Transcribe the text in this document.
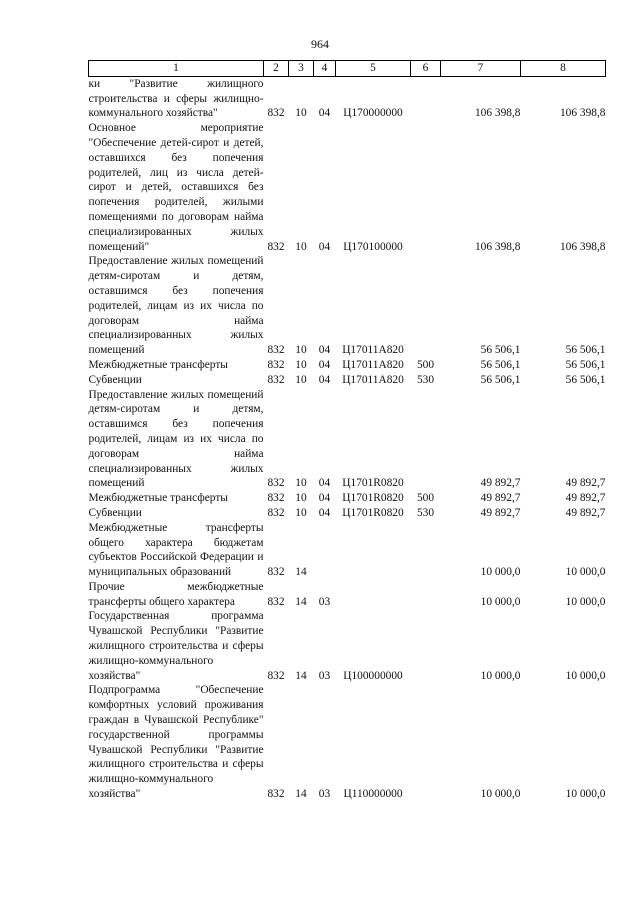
964
1	2	3	4	5	6	7	8
ки "Развитие жилищного строительства и сферы жилищно-коммунального хозяйства"	832	10	04	Ц170000000		106 398,8	106 398,8
Основное мероприятие "Обеспечение детей-сирот и детей, оставшихся без попечения родителей, лиц из числа детей-сирот и детей, оставшихся без попечения родителей, жилыми помещениями по договорам найма специализированных жилых помещений"	832	10	04	Ц170100000		106 398,8	106 398,8
Предоставление жилых помещений детям-сиротам и детям, оставшимся без попечения родителей, лицам из их числа по договорам найма специализированных жилых помещений	832	10	04	Ц17011А820		56 506,1	56 506,1
Межбюджетные трансферты	832	10	04	Ц17011А820	500	56 506,1	56 506,1
Субвенции	832	10	04	Ц17011А820	530	56 506,1	56 506,1
Предоставление жилых помещений детям-сиротам и детям, оставшимся без попечения родителей, лицам из их числа по договорам найма специализированных жилых помещений	832	10	04	Ц1701R0820		49 892,7	49 892,7
Межбюджетные трансферты	832	10	04	Ц1701R0820	500	49 892,7	49 892,7
Субвенции	832	10	04	Ц1701R0820	530	49 892,7	49 892,7
Межбюджетные трансферты общего характера бюджетам субъектов Российской Федерации и муниципальных образований	832	14				10 000,0	10 000,0
Прочие межбюджетные трансферты общего характера	832	14	03			10 000,0	10 000,0
Государственная программа Чувашской Республики "Развитие жилищного строительства и сферы жилищно-коммунального хозяйства"	832	14	03	Ц100000000		10 000,0	10 000,0
Подпрограмма "Обеспечение комфортных условий проживания граждан в Чувашской Республике" государственной программы Чувашской Республики "Развитие жилищного строительства и сферы жилищно-коммунального хозяйства"	832	14	03	Ц110000000		10 000,0	10 000,0
